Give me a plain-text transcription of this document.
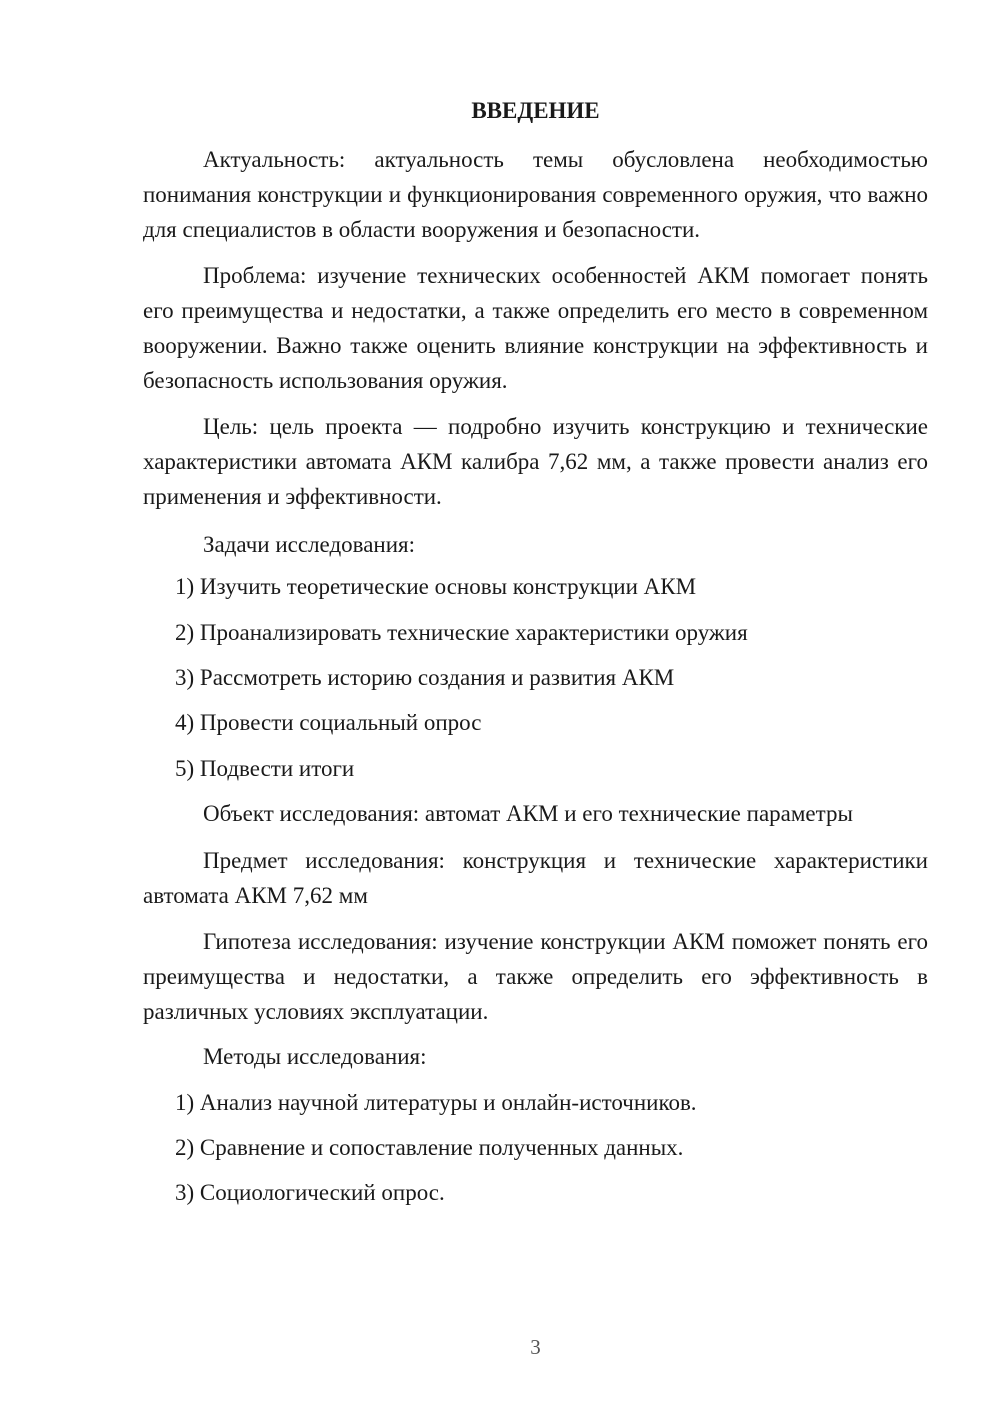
ВВЕДЕНИЕ
Актуальность: актуальность темы обусловлена необходимостью понимания конструкции и функционирования современного оружия, что важно для специалистов в области вооружения и безопасности.
Проблема: изучение технических особенностей АКМ помогает понять его преимущества и недостатки, а также определить его место в современном вооружении. Важно также оценить влияние конструкции на эффективность и безопасность использования оружия.
Цель: цель проекта — подробно изучить конструкцию и технические характеристики автомата АКМ калибра 7,62 мм, а также провести анализ его применения и эффективности.
Задачи исследования:
1) Изучить теоретические основы конструкции АКМ
2) Проанализировать технические характеристики оружия
3) Рассмотреть историю создания и развития АКМ
4) Провести социальный опрос
5) Подвести итоги
Объект исследования: автомат АКМ и его технические параметры
Предмет исследования: конструкция и технические характеристики автомата АКМ 7,62 мм
Гипотеза исследования: изучение конструкции АКМ поможет понять его преимущества и недостатки, а также определить его эффективность в различных условиях эксплуатации.
Методы исследования:
1) Анализ научной литературы и онлайн-источников.
2) Сравнение и сопоставление полученных данных.
3) Социологический опрос.
3
